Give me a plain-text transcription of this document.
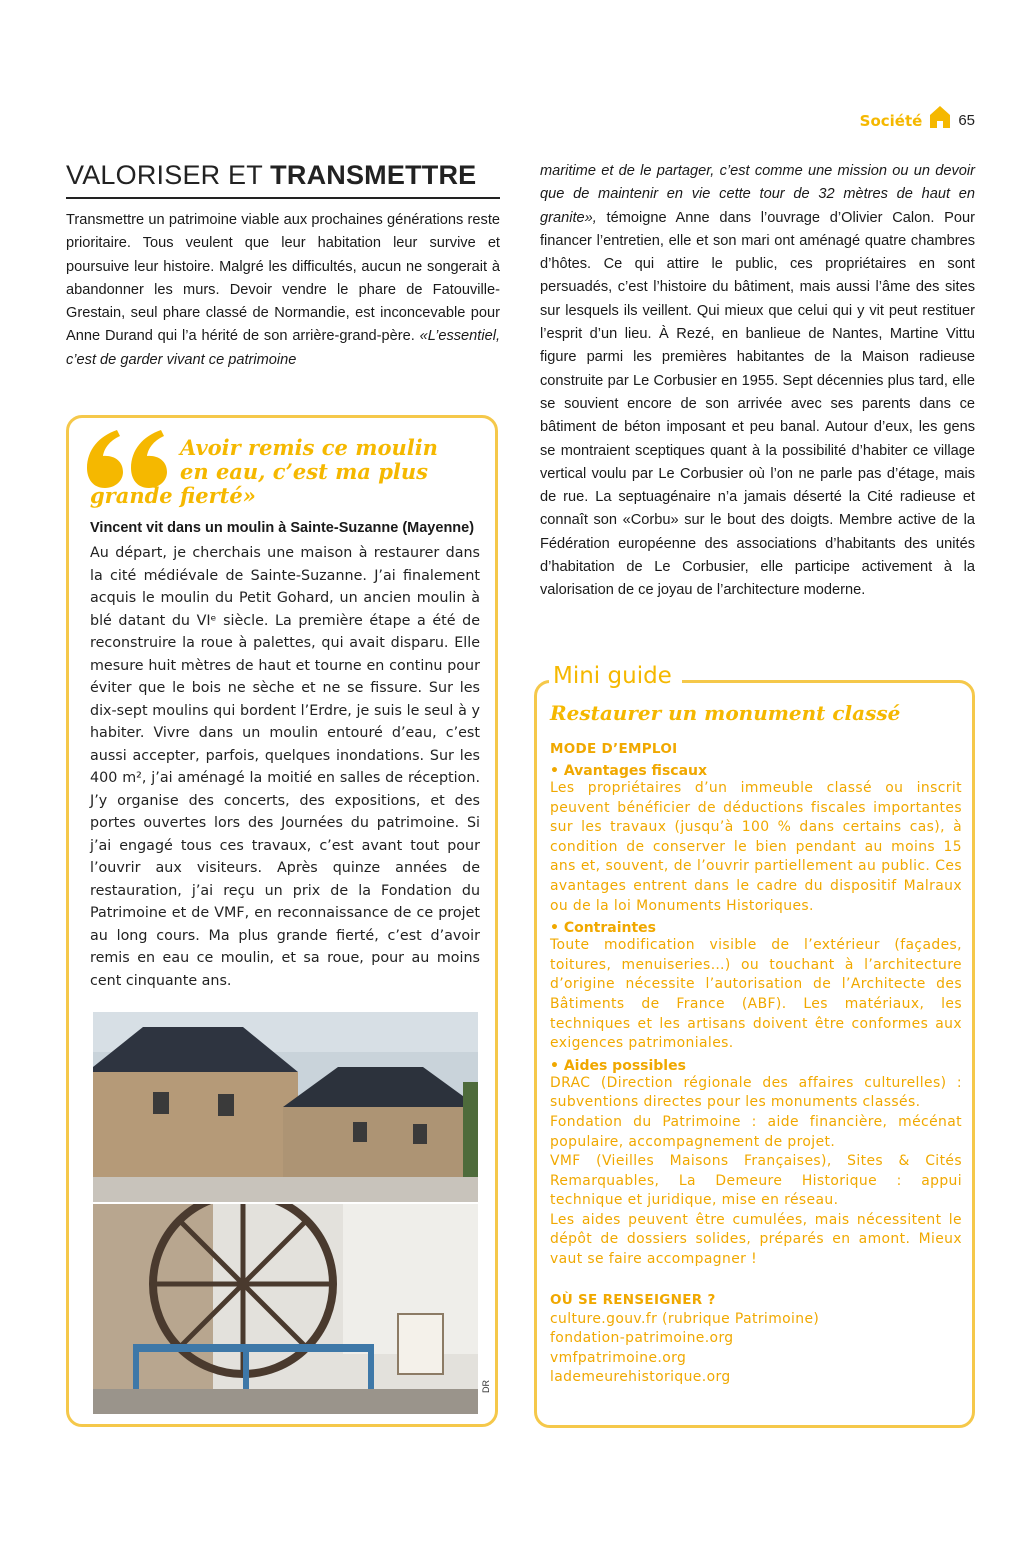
Société 65
VALORISER ET TRANSMETTRE

Transmettre un patrimoine viable aux prochaines générations reste prioritaire. Tous veulent que leur habitation leur survive et poursuive leur histoire. Malgré les difficultés, aucun ne songerait à abandonner les murs. Devoir vendre le phare de Fatouville-Grestain, seul phare classé de Normandie, est inconcevable pour Anne Durand qui l’a hérité de son arrière-grand-père. «L’essentiel, c’est de garder vivant ce patrimoine

maritime et de le partager, c’est comme une mission ou un devoir que de maintenir en vie cette tour de 32 mètres de haut en granite», témoigne Anne dans l’ouvrage d’Olivier Calon. Pour financer l’entretien, elle et son mari ont aménagé quatre chambres d’hôtes. Ce qui attire le public, ces propriétaires en sont persuadés, c’est l’histoire du bâtiment, mais aussi l’âme des sites sur lesquels ils veillent. Qui mieux que celui qui y vit peut restituer l’esprit d’un lieu. À Rezé, en banlieue de Nantes, Martine Vittu figure parmi les premières habitantes de la Maison radieuse construite par Le Corbusier en 1955. Sept décennies plus tard, elle se souvient encore de son arrivée avec ses parents dans ce bâtiment de béton imposant et peu banal. Autour d’eux, les gens se montraient sceptiques quant à la possibilité d’habiter ce village vertical voulu par Le Corbusier où l’on ne parle pas d’étage, mais de rue. La septuagénaire n’a jamais déserté la Cité radieuse et connaît son «Corbu» sur le bout des doigts. Membre active de la Fédération européenne des associations d’habitants des unités d’habitation de Le Corbusier, elle participe activement à la valorisation de ce joyau de l’architecture moderne.

Avoir remis ce moulin
en eau, c’est ma plus
grande fierté»

Vincent vit dans un moulin à Sainte-Suzanne (Mayenne)

Au départ, je cherchais une maison à restaurer dans la cité médiévale de Sainte-Suzanne. J’ai finalement acquis le moulin du Petit Gohard, un ancien moulin à blé datant du VIᵉ siècle. La première étape a été de reconstruire la roue à palettes, qui avait disparu. Elle mesure huit mètres de haut et tourne en continu pour éviter que le bois ne sèche et ne se fissure. Sur les dix-sept moulins qui bordent l’Erdre, je suis le seul à y habiter. Vivre dans un moulin entouré d’eau, c’est aussi accepter, parfois, quelques inondations. Sur les 400 m², j’ai aménagé la moitié en salles de réception. J’y organise des concerts, des expositions, et des portes ouvertes lors des Journées du patrimoine. Si j’ai engagé tous ces travaux, c’est avant tout pour l’ouvrir aux visiteurs. Après quinze années de restauration, j’ai reçu un prix de la Fondation du Patrimoine et de VMF, en reconnaissance de ce projet au long cours. Ma plus grande fierté, c’est d’avoir remis en eau ce moulin, et sa roue, pour au moins cent cinquante ans.

DR
Mini guide
Restaurer un monument classé

MODE D’EMPLOI

• Avantages fiscaux

Les propriétaires d’un immeuble classé ou inscrit peuvent bénéficier de déductions fiscales importantes sur les travaux (jusqu’à 100 % dans certains cas), à condition de conserver le bien pendant au moins 15 ans et, souvent, de l’ouvrir partiellement au public. Ces avantages entrent dans le cadre du dispositif Malraux ou de la loi Monuments Historiques.

• Contraintes

Toute modification visible de l’extérieur (façades, toitures, menuiseries…) ou touchant à l’architecture d’origine nécessite l’autorisation de l’Architecte des Bâtiments de France (ABF). Les matériaux, les techniques et les artisans doivent être conformes aux exigences patrimoniales.

• Aides possibles

DRAC (Direction régionale des affaires culturelles) : subventions directes pour les monuments classés.

Fondation du Patrimoine : aide financière, mécénat populaire, accompagnement de projet.

VMF (Vieilles Maisons Françaises), Sites & Cités Remarquables, La Demeure Historique : appui technique et juridique, mise en réseau.

Les aides peuvent être cumulées, mais nécessitent le dépôt de dossiers solides, préparés en amont. Mieux vaut se faire accompagner !

OÙ SE RENSEIGNER ?

culture.gouv.fr (rubrique Patrimoine)

fondation-patrimoine.org

vmfpatrimoine.org

lademeurehistorique.org
